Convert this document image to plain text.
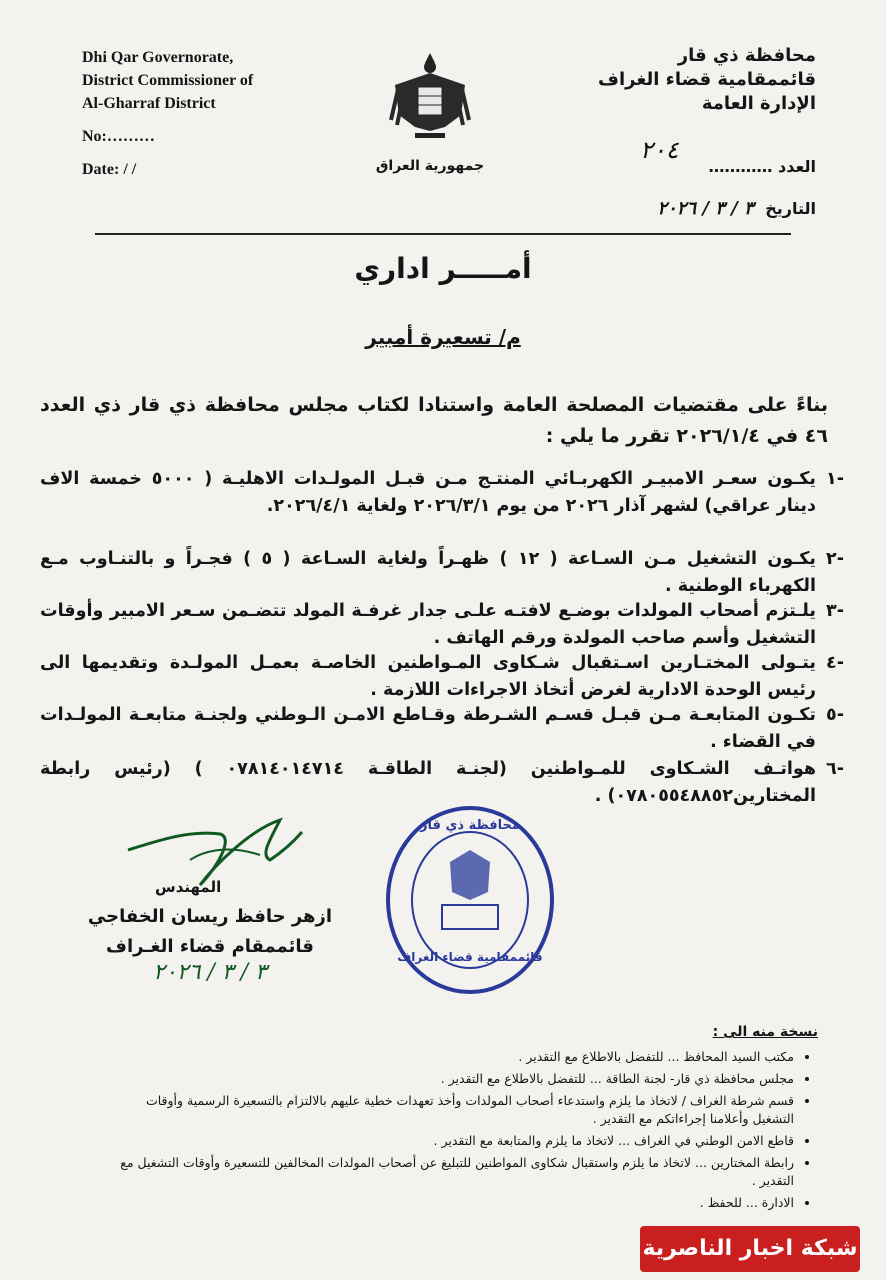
Dhi Qar Governorate,
District Commissioner of
Al-Gharraf District
No:………
Date: / /	جمهورية العراق
محافظة ذي قار
قائممقامية قضاء الغراف
الإدارة العامة
العدد …………
٢٠٤
التاريخ ٣ / ٣ / ٢٠٢٦
أمـــــر اداري
م/ تسعيرة أمبير
بناءً على مقتضيات المصلحة العامة واستنادا لكتاب مجلس محافظة ذي قار ذي العدد ٤٦ في ٢٠٢٦/١/٤ تقرر ما يلي :
-١
يكـون سعـر الامبيـر الكهربـائي المنتـج مـن قبـل المولـدات الاهليـة ( ٥٠٠٠ خمسة الاف دينار عراقي) لشهر آذار ٢٠٢٦ من يوم ٢٠٢٦/٣/١ ولغاية ٢٠٢٦/٤/١.
-٢
يكـون التشغيل مـن السـاعة ( ١٢ ) ظهـراً ولغاية السـاعة ( ٥ ) فجـراً و بالتنـاوب مـع الكهرباء الوطنية .
-٣
يلـتزم أصحاب المولدات بوضـع لافتـه علـى جدار غرفـة المولد تتضـمن سـعر الامبير وأوقات التشغيل وأسم صاحب المولدة ورقم الهاتف .
-٤
يتـولى المختـارين اسـتقبال شـكاوى المـواطنين الخاصـة بعمـل المولـدة وتقديمها الى رئيس الوحدة الادارية لغرض أتخاذ الاجراءات اللازمة .
-٥
تكـون المتابعـة مـن قبـل قسـم الشـرطة وقـاطع الامـن الـوطني ولجنـة متابعـة المولـدات في القضاء .
-٦
هواتـف الشـكاوى للمـواطنين (لجنـة الطاقـة ٠٧٨١٤٠١٤٧١٤ ) (رئيس رابطة المختارين٠٧٨٠٥٥٤٨٨٥٢) .
المهندس
ازهر حافظ ريسان الخفاجي
قائممقام قضاء الغـراف
٣ / ٣ / ٢٠٢٦
محافظة ذي قار
قائممقامية قضاء الغراف
نسخة منه الى :
• مكتب السيد المحافظ ... للتفضل بالاطلاع مع التقدير .
• مجلس محافظة ذي قار- لجنة الطاقة ... للتفضل بالاطلاع مع التقدير .
• قسم شرطة الغراف / لاتخاذ ما يلزم واستدعاء أصحاب المولدات وأخذ تعهدات خطية عليهم بالالتزام بالتسعيرة الرسمية وأوقات التشغيل وأعلامنا إجراءاتكم مع التقدير .
• قاطع الامن الوطني في الغراف ... لاتخاذ ما يلزم والمتابعة مع التقدير .
• رابطة المختارين ... لاتخاذ ما يلزم واستقبال شكاوى المواطنين للتبليغ عن أصحاب المولدات المخالفين للتسعيرة وأوقات التشغيل مع التقدير .
• الادارة ... للحفظ .
شبكة اخبار الناصرية
